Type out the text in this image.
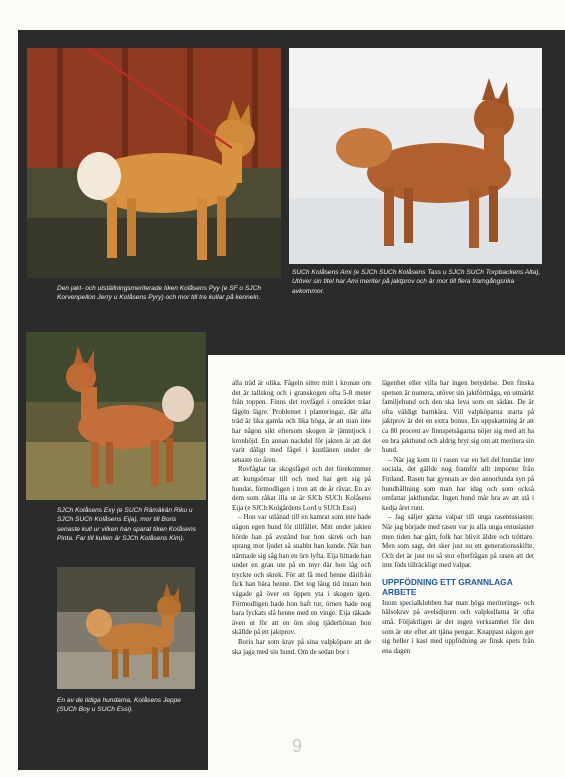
Den jakt- och utställningsmeriterade tiken Kolåsens Pyy (e SF o SJCh Korvenpellon Jerry u Kolåsens Pyry) och mor till tre kullar på kenneln.
SUCh Kolåsens Ami (e SJCh SUCh Kolåsens Tass u SJCh SUCh Torpbackens Alta), Utöver sin titel har Ami meriter på jaktprov och är mor till flera framgångsrika avkommor.
SJCh Kolåsens Exy (e SUCh Rämäkän Riku u SJCh SUCh Kolåsens Eija), mor till Boris senaste kull ur vilken han sparat tiken Kolåsens Pinta. Far till kullen är SJCh Kolåsens Kim).
En av de tidiga hundarna, Kolåsens Jeppe (SUCh Boy u SUCh Essi).

alla träd är olika. Fågeln sitter mitt i kronan om det är tallskog och i granskogen ofta 5-8 meter från toppen. Finns det rovfågel i området träar fågeln lägre. Problemet i planteringar, där alla träd är lika gamla och lika höga, är att man inte har någon sikt eftersom skogen är jämntjock i kronhöjd. En annan nackdel för jakten är att det varit dåligt med fågel i kustlänen under de senaste tio åren.

Rovfåglar tar skogsfågel och det förekommer att kungsörnar till och med har gett sig på hundar, förmodligen i tron att de är rävar. En av dem som råkat illa ut är SJCh SUCh Kolåsens Eija (e SJCh Kolgårdens Lord u SUCh Essi)

– Hon var utlånad till en kamrat som inte hade någon egen hund för tillfället. Mitt under jakten hörde han på avstånd hur hon skrek och han sprang mot ljudet så snabbt han kunde. När han närmade sig såg han en örn lyfta. Eija hittade han under en gran ute på en myr där hon låg och tryckte och skrek. För att få med henne därifrån fick han bära henne. Det tog lång tid innan hon vågade gå över en öppen yta i skogen igen. Förmodligen hade hon haft tur, örnen hade nog bara lyckats slå henne med en vinge. Eija räkade även ut för att en örn slog tjäderhönan hon skällde på ett jaktprov.

Boris har som krav på sina valpköpare att de ska jaga med sin hund. Om de sedan bor i

lägenhet eller villa har ingen betydelse. Den finska spetsen är numera, utöver sin jaktförmåga, en utmärkt familjehund och den ska leva som en sådan. De är ofta väldigt barnkära. Vill valpköparna starta på jaktprov är det en extra bonus. En uppskattning är att ca 80 procent av finnspetsägarna nöjer sig med att ha en bra jakthund och aldrig bryr sig om att meritera sin hund.

– När jag kom in i rasen var en hel del hundar inte sociala, det gällde nog framför allt importer från Finland. Rasen har gynnats av den annorlunda syn på hundhållning som man har idag och som också omfattar jakthundar. Ingen hund mår bra av att stå i kedja året runt.

– Jag säljer gärna valpar till unga rasentusiaster. När jag började med rasen var ju alla unga entusiaster men tiden har gått, folk har blivit äldre och tröttare. Men som sagt, det sker just nu ett generationsskifte. Och det är just nu så stor efterfrågan på rasen att det inte föds tillräckligt med valpar.

UPPFÖDNING ETT GRANNLAGA ARBETE

Inom specialklubben har man höga meriterings- och hälsokrav på avelsdjuren och valpkullarna är ofta små. Följaktligen är det ingen verksamhet för den som är ute efter att tjäna pengar. Knappast någon ger sig heller i kast med uppfödning av finsk spets från ena dagen

9
